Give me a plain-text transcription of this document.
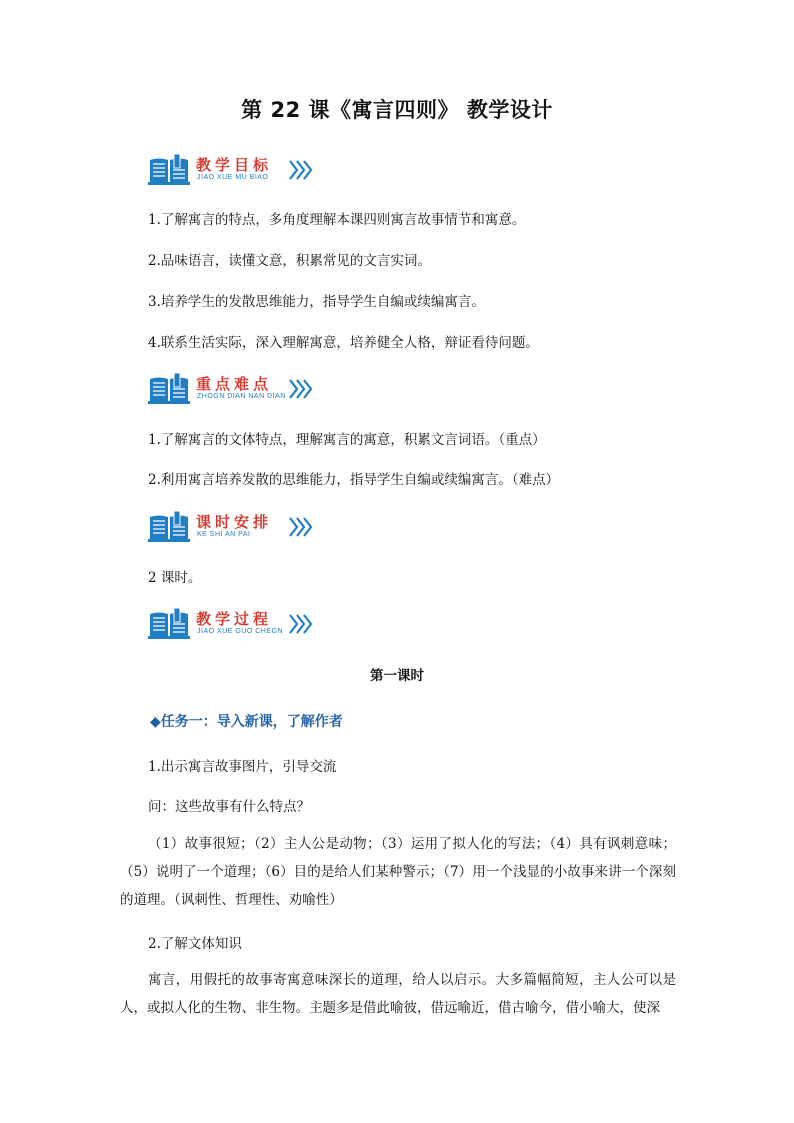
第 22 课《寓言四则》 教学设计
教学目标
JIAO XUE MU BIAO
1.了解寓言的特点，多角度理解本课四则寓言故事情节和寓意。
2.品味语言，读懂文意，积累常见的文言实词。
3.培养学生的发散思维能力，指导学生自编或续编寓言。
4.联系生活实际，深入理解寓意，培养健全人格，辩证看待问题。
重点难点
ZHOGN DIAN NAN DIAN
1.了解寓言的文体特点，理解寓言的寓意，积累文言词语。（重点）
2.利用寓言培养发散的思维能力，指导学生自编或续编寓言。（难点）
课时安排
KE SHI AN PAI
2 课时。
教学过程
JIAO XUE GUO CHEGN
第一课时
◆任务一：导入新课，了解作者
1.出示寓言故事图片，引导交流
问：这些故事有什么特点？
（1）故事很短；（2）主人公是动物；（3）运用了拟人化的写法；（4）具有讽刺意味；（5）说明了一个道理；（6）目的是给人们某种警示；（7）用一个浅显的小故事来讲一个深刻的道理。（讽刺性、哲理性、劝喻性）
2.了解文体知识
寓言，用假托的故事寄寓意味深长的道理，给人以启示。大多篇幅简短，主人公可以是人，或拟人化的生物、非生物。主题多是借此喻彼，借远喻近，借古喻今，借小喻大，使深
